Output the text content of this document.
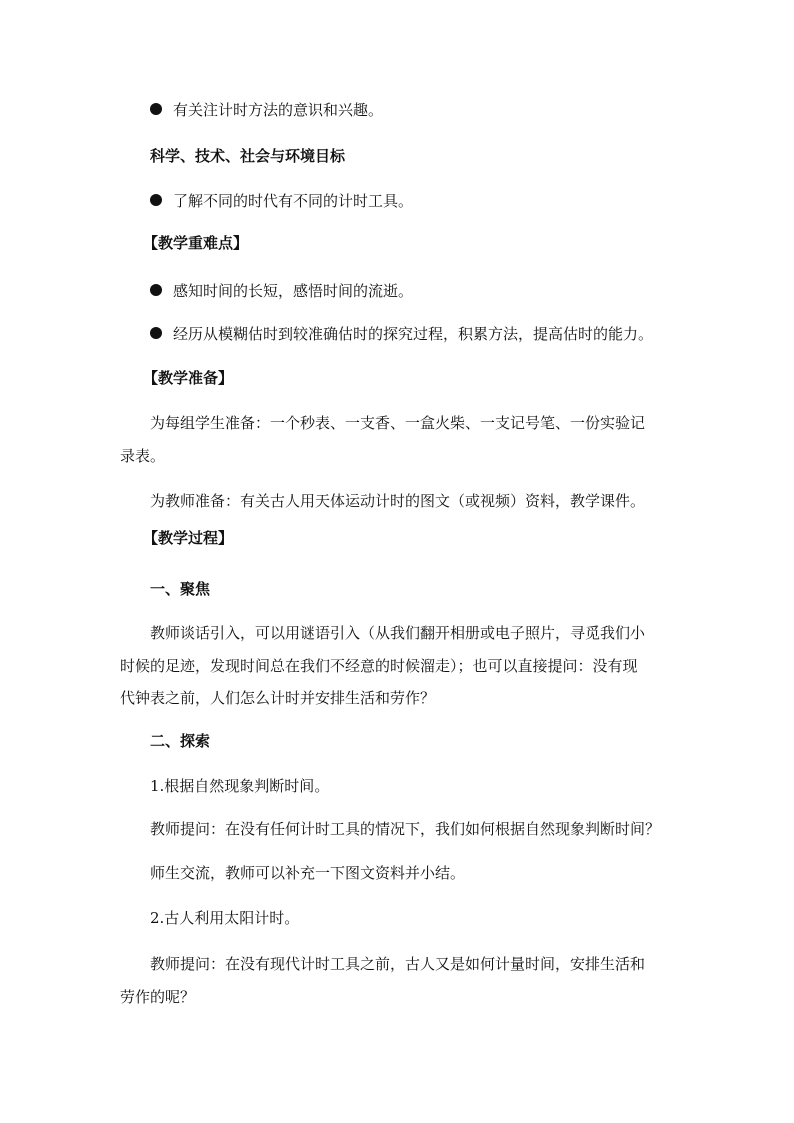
有关注计时方法的意识和兴趣。
科学、技术、社会与环境目标
了解不同的时代有不同的计时工具。
【教学重难点】
感知时间的长短，感悟时间的流逝。
经历从模糊估时到较准确估时的探究过程，积累方法，提高估时的能力。
【教学准备】
为每组学生准备：一个秒表、一支香、一盒火柴、一支记号笔、一份实验记
录表。
为教师准备：有关古人用天体运动计时的图文（或视频）资料，教学课件。
【教学过程】
一、聚焦
教师谈话引入，可以用谜语引入（从我们翻开相册或电子照片，寻觅我们小
时候的足迹，发现时间总在我们不经意的时候溜走）；也可以直接提问：没有现
代钟表之前，人们怎么计时并安排生活和劳作？
二、探索
1.根据自然现象判断时间。
教师提问：在没有任何计时工具的情况下，我们如何根据自然现象判断时间？
师生交流，教师可以补充一下图文资料并小结。
2.古人利用太阳计时。
教师提问：在没有现代计时工具之前，古人又是如何计量时间，安排生活和
劳作的呢？
